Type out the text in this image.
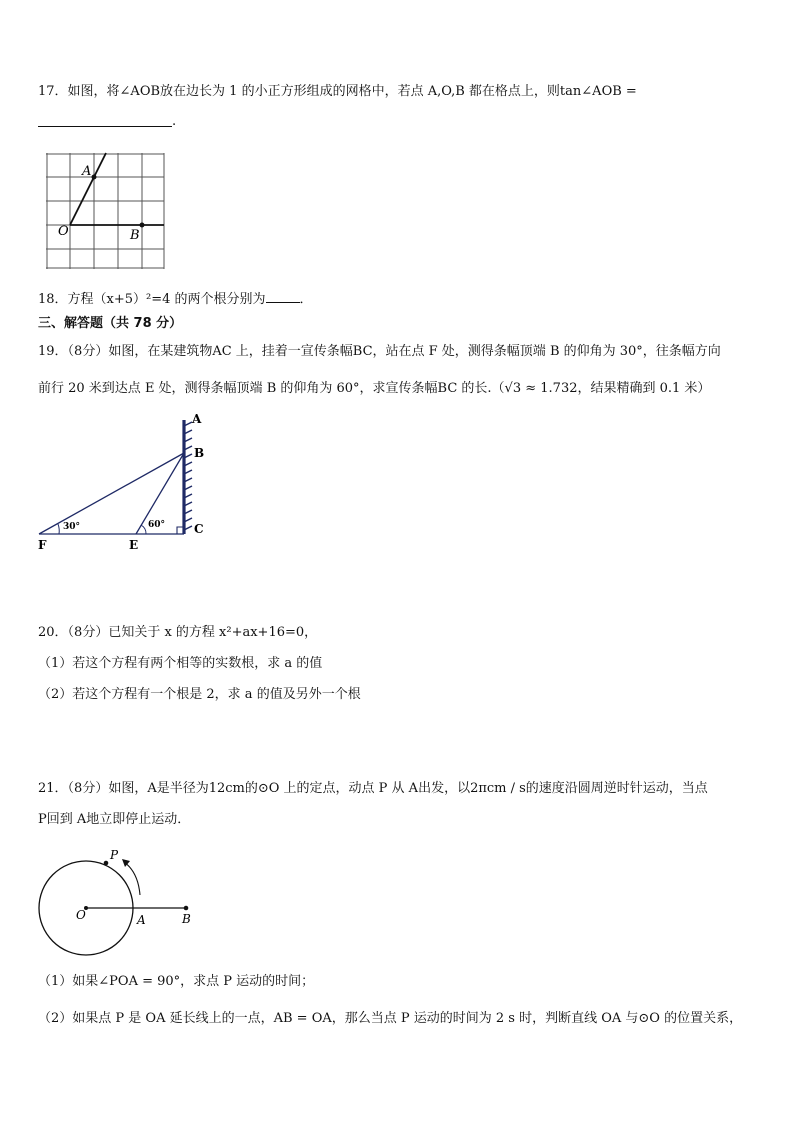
17．如图，将∠AOB放在边长为 1 的小正方形组成的网格中，若点 A,O,B 都在格点上，则tan∠AOB =
.
A
O	B
18．方程（x+5）²=4 的两个根分别为	．
三、解答题（共 78 分）
19．（8分）如图，在某建筑物AC 上，挂着一宣传条幅BC，站在点 F 处，测得条幅顶端 B 的仰角为 30°，往条幅方向
前行 20 米到达点 E 处，测得条幅顶端 B 的仰角为 60°，求宣传条幅BC 的长.（√3 ≈ 1.732，结果精确到 0.1 米）
30°	60°
A
B
C
F	E
20．（8分）已知关于 x 的方程 x²+ax+16=0，
（1）若这个方程有两个相等的实数根，求 a 的值
（2）若这个方程有一个根是 2，求 a 的值及另外一个根
21．（8分）如图，A是半径为12cm的⊙O 上的定点，动点 P 从 A出发，以2πcm / s的速度沿圆周逆时针运动，当点
P回到 A地立即停止运动．
P
O	A	B
（1）如果∠POA = 90°，求点 P 运动的时间；
（2）如果点 P 是 OA 延长线上的一点，AB = OA，那么当点 P 运动的时间为 2 s 时，判断直线 OA 与⊙O 的位置关系，
